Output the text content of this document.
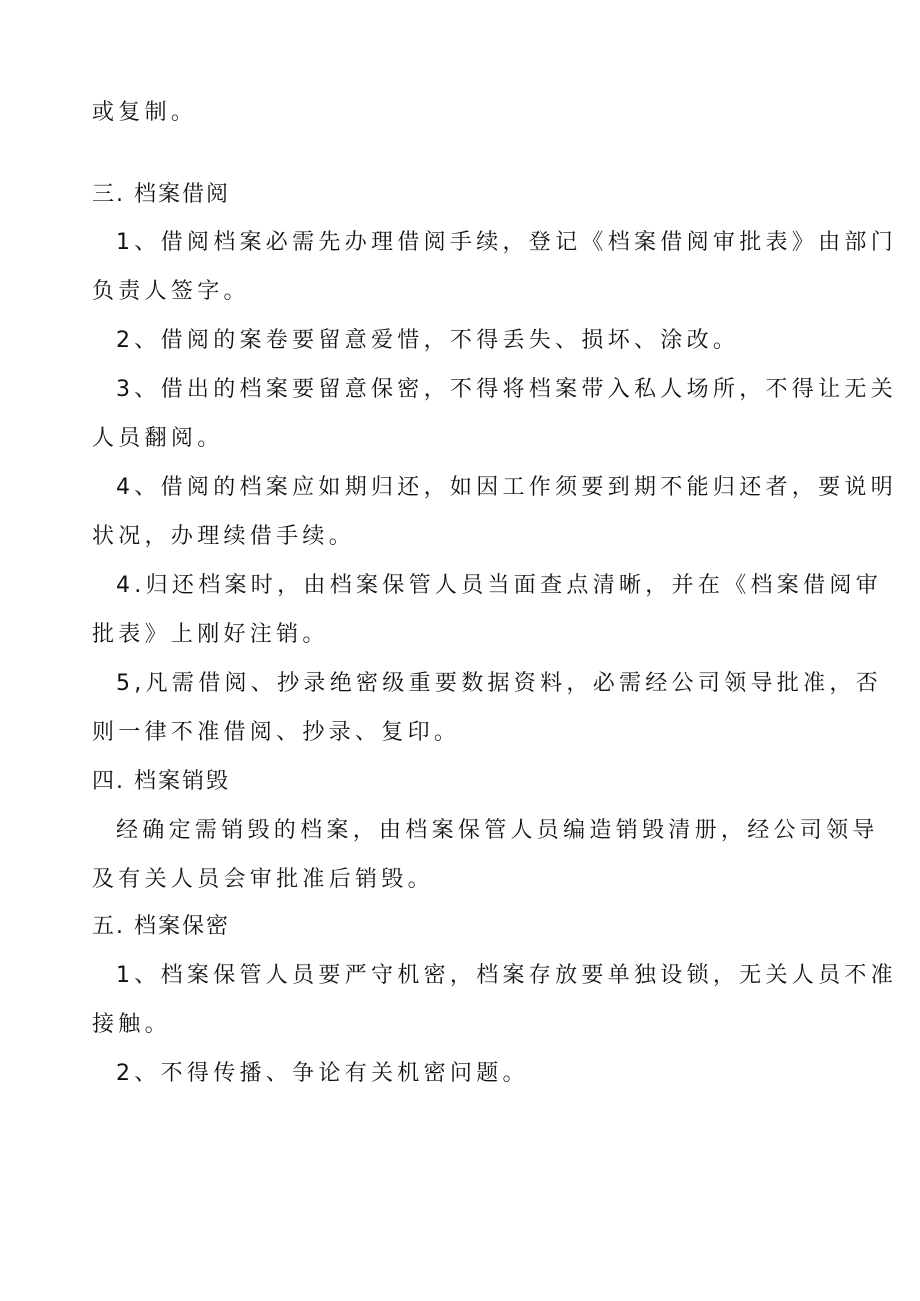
或复制。
三. 档案借阅
1、借阅档案必需先办理借阅手续，登记《档案借阅审批表》由部门
负责人签字。
2、借阅的案卷要留意爱惜，不得丢失、损坏、涂改。
3、借出的档案要留意保密，不得将档案带入私人场所，不得让无关
人员翻阅。
4、借阅的档案应如期归还，如因工作须要到期不能归还者，要说明
状况，办理续借手续。
4.归还档案时，由档案保管人员当面查点清晰，并在《档案借阅审
批表》上刚好注销。
5,凡需借阅、抄录绝密级重要数据资料，必需经公司领导批准，否
则一律不准借阅、抄录、复印。
四. 档案销毁
经确定需销毁的档案，由档案保管人员编造销毁清册，经公司领导
及有关人员会审批准后销毁。
五. 档案保密
1、档案保管人员要严守机密，档案存放要单独设锁，无关人员不准
接触。
2、不得传播、争论有关机密问题。
